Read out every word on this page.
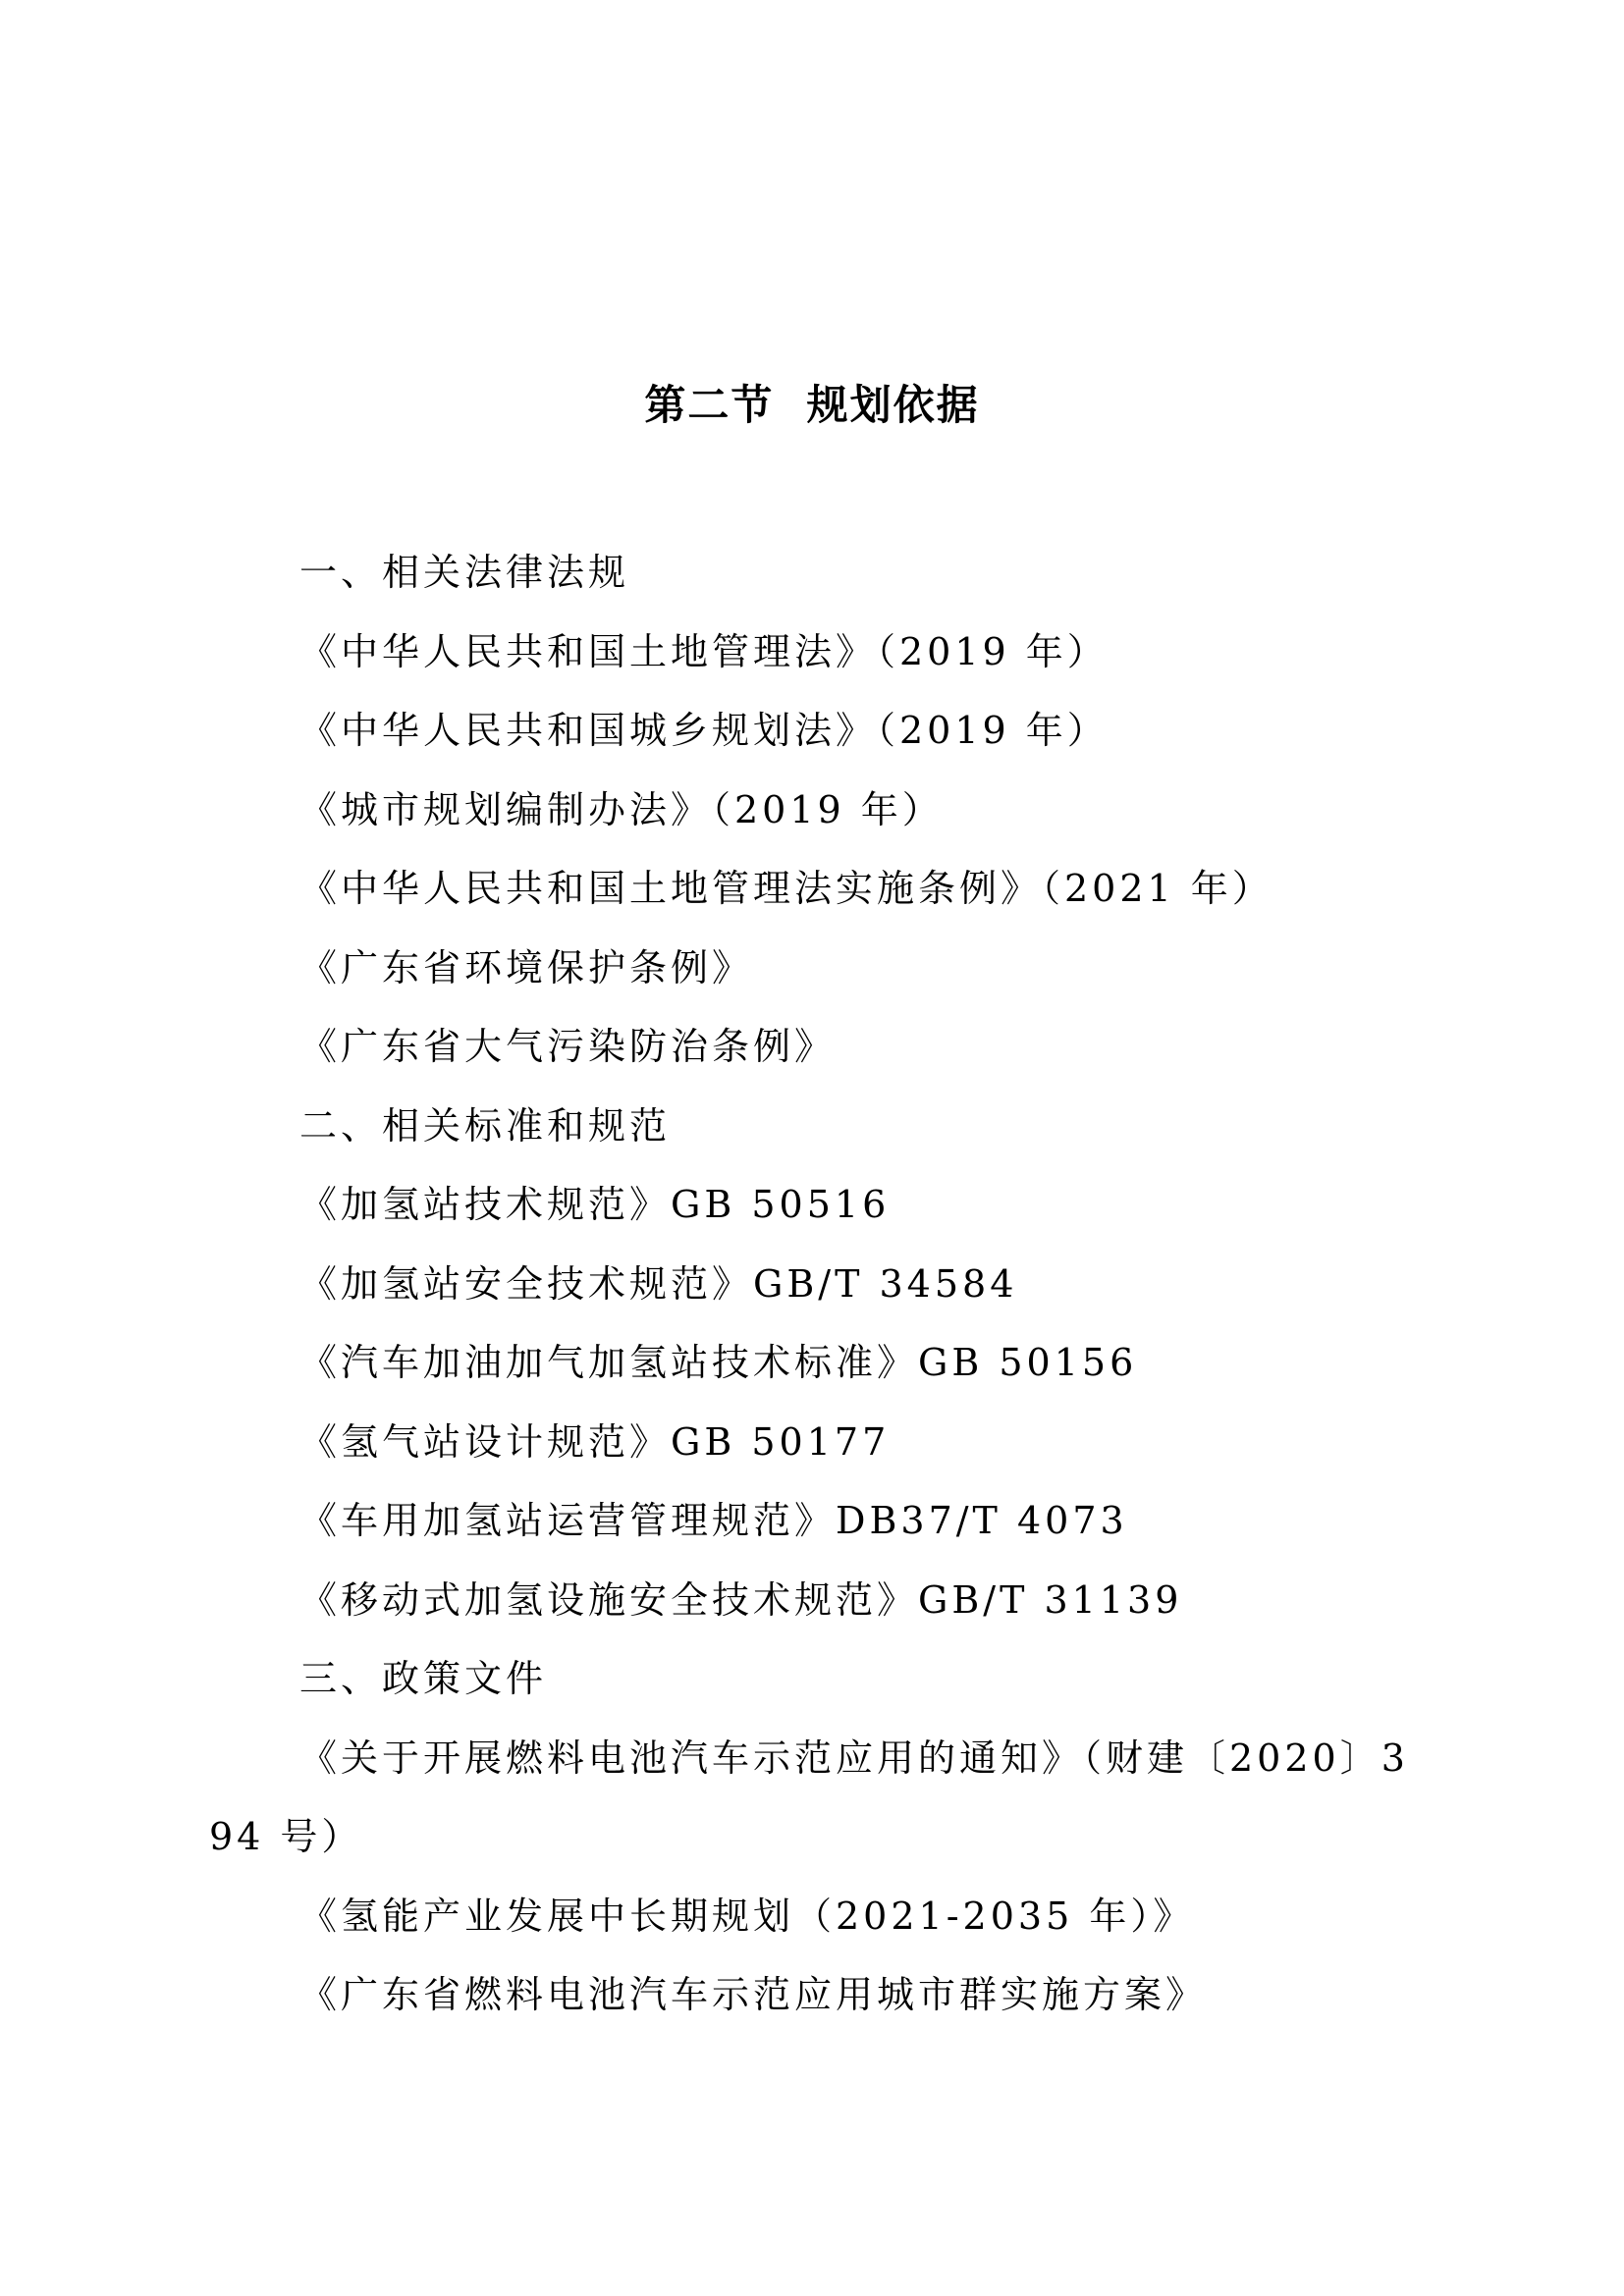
第二节  规划依据
一、相关法律法规
《中华人民共和国土地管理法》（2019 年）
《中华人民共和国城乡规划法》（2019 年）
《城市规划编制办法》（2019 年）
《中华人民共和国土地管理法实施条例》（2021 年）
《广东省环境保护条例》
《广东省大气污染防治条例》
二、相关标准和规范
《加氢站技术规范》GB 50516
《加氢站安全技术规范》GB/T 34584
《汽车加油加气加氢站技术标准》GB 50156
《氢气站设计规范》GB 50177
《车用加氢站运营管理规范》DB37/T 4073
《移动式加氢设施安全技术规范》GB/T 31139
三、政策文件
《关于开展燃料电池汽车示范应用的通知》（财建〔2020〕394 号）
《氢能产业发展中长期规划（2021-2035 年）》
《广东省燃料电池汽车示范应用城市群实施方案》
